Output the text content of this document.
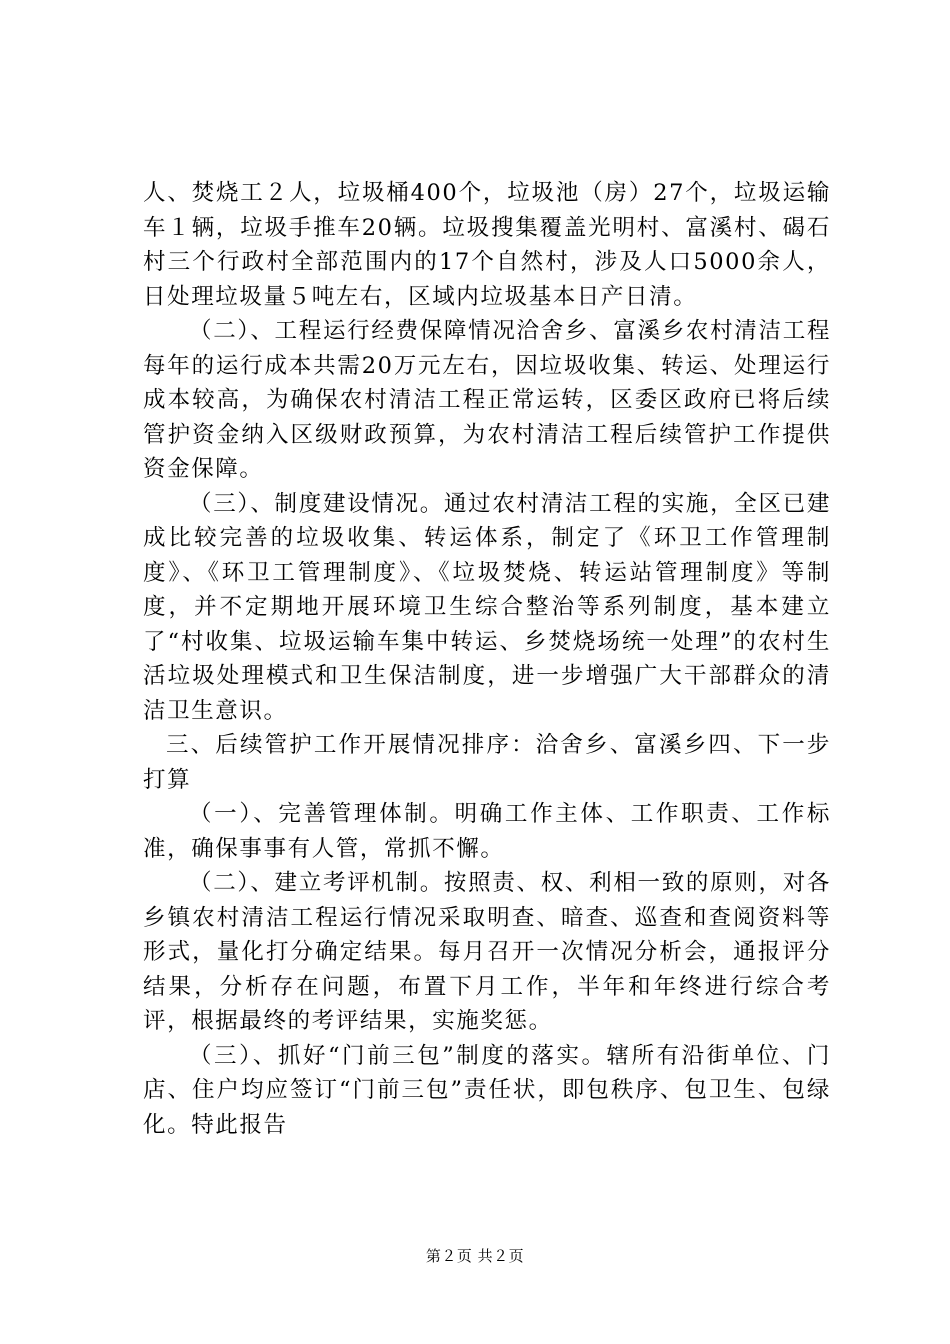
人、焚烧工２人，垃圾桶400个，垃圾池（房）27个，垃圾运输车１辆，垃圾手推车20辆。垃圾搜集覆盖光明村、富溪村、碣石村三个行政村全部范围内的17个自然村，涉及人口5000余人，日处理垃圾量５吨左右，区域内垃圾基本日产日清。

（二）、工程运行经费保障情况洽舍乡、富溪乡农村清洁工程每年的运行成本共需20万元左右，因垃圾收集、转运、处理运行成本较高，为确保农村清洁工程正常运转，区委区政府已将后续管护资金纳入区级财政预算，为农村清洁工程后续管护工作提供资金保障。

（三）、制度建设情况。通过农村清洁工程的实施，全区已建成比较完善的垃圾收集、转运体系，制定了《环卫工作管理制度》、《环卫工管理制度》、《垃圾焚烧、转运站管理制度》等制度，并不定期地开展环境卫生综合整治等系列制度，基本建立了“村收集、垃圾运输车集中转运、乡焚烧场统一处理”的农村生活垃圾处理模式和卫生保洁制度，进一步增强广大干部群众的清洁卫生意识。

三、后续管护工作开展情况排序：洽舍乡、富溪乡四、下一步打算

（一）、完善管理体制。明确工作主体、工作职责、工作标准，确保事事有人管，常抓不懈。

（二）、建立考评机制。按照责、权、利相一致的原则，对各乡镇农村清洁工程运行情况采取明查、暗查、巡查和查阅资料等形式，量化打分确定结果。每月召开一次情况分析会，通报评分结果，分析存在问题，布置下月工作，半年和年终进行综合考评，根据最终的考评结果，实施奖惩。

（三）、抓好“门前三包”制度的落实。辖所有沿街单位、门店、住户均应签订“门前三包”责任状，即包秩序、包卫生、包绿化。特此报告

第２页 共２页
